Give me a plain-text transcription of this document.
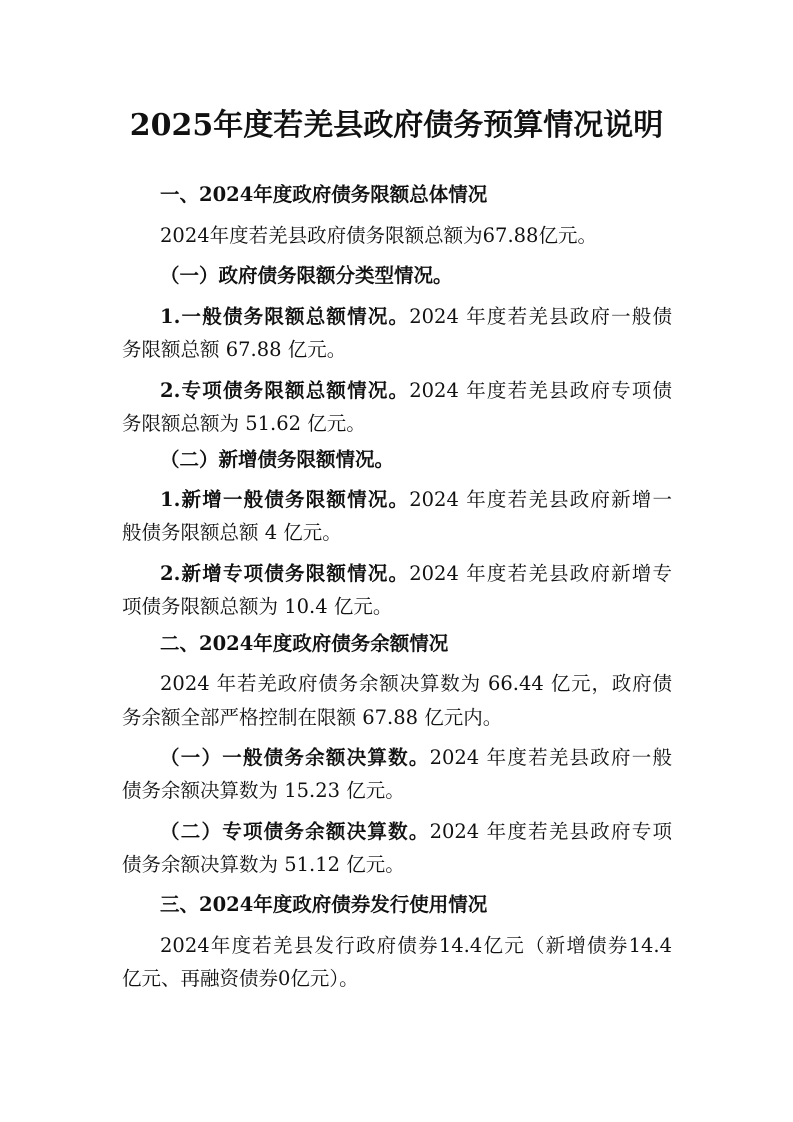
2025年度若羌县政府债务预算情况说明
一、2024年度政府债务限额总体情况
2024年度若羌县政府债务限额总额为67.88亿元。
（一）政府债务限额分类型情况。
1.一般债务限额总额情况。2024 年度若羌县政府一般债
务限额总额 67.88 亿元。
2.专项债务限额总额情况。2024 年度若羌县政府专项债
务限额总额为 51.62 亿元。
（二）新增债务限额情况。
1.新增一般债务限额情况。2024 年度若羌县政府新增一
般债务限额总额 4 亿元。
2.新增专项债务限额情况。2024 年度若羌县政府新增专
项债务限额总额为 10.4 亿元。
二、2024年度政府债务余额情况
2024 年若羌政府债务余额决算数为 66.44 亿元，政府债
务余额全部严格控制在限额 67.88 亿元内。
（一）一般债务余额决算数。2024 年度若羌县政府一般
债务余额决算数为 15.23 亿元。
（二）专项债务余额决算数。2024 年度若羌县政府专项
债务余额决算数为 51.12 亿元。
三、2024年度政府债券发行使用情况
2024年度若羌县发行政府债券14.4亿元（新增债券14.4
亿元、再融资债券0亿元）。
